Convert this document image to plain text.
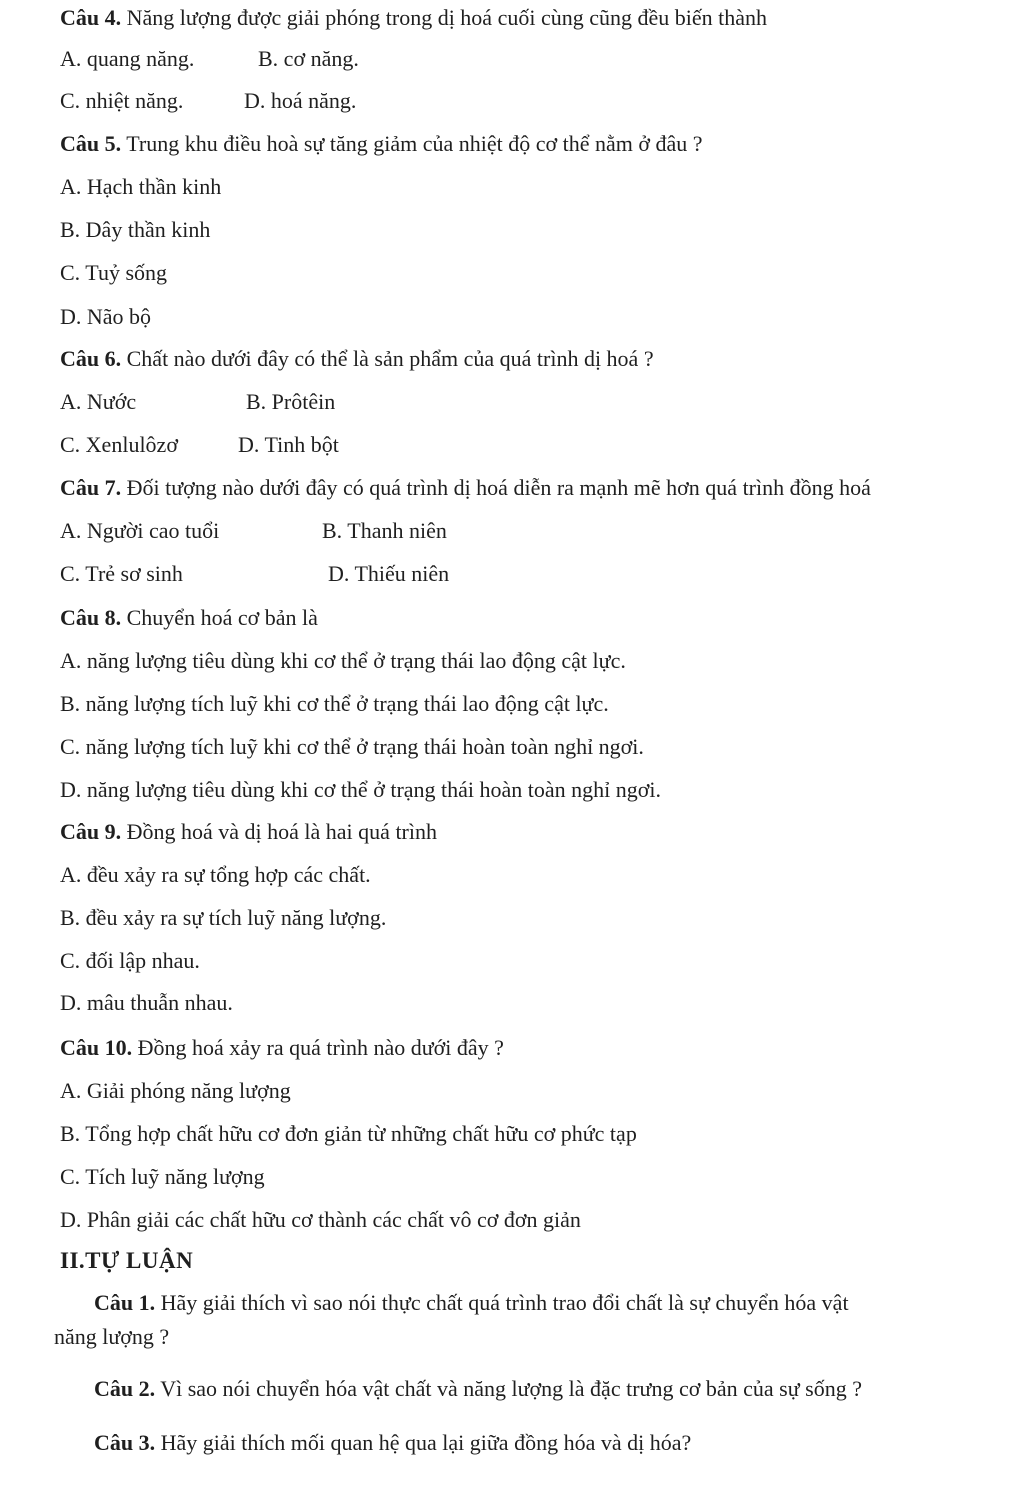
Câu 4. Năng lượng được giải phóng trong dị hoá cuối cùng cũng đều biến thành
A. quang năng.	B. cơ năng.
C. nhiệt năng.	D. hoá năng.
Câu 5. Trung khu điều hoà sự tăng giảm của nhiệt độ cơ thể nằm ở đâu ?
A. Hạch thần kinh
B. Dây thần kinh
C. Tuỷ sống
D. Não bộ
Câu 6. Chất nào dưới đây có thể là sản phẩm của quá trình dị hoá ?
A. Nước	B. Prôtêin
C. Xenlulôzơ	D. Tinh bột
Câu 7. Đối tượng nào dưới đây có quá trình dị hoá diễn ra mạnh mẽ hơn quá trình đồng hoá
A. Người cao tuổi	B. Thanh niên
C. Trẻ sơ sinh	D. Thiếu niên
Câu 8. Chuyển hoá cơ bản là
A. năng lượng tiêu dùng khi cơ thể ở trạng thái lao động cật lực.
B. năng lượng tích luỹ khi cơ thể ở trạng thái lao động cật lực.
C. năng lượng tích luỹ khi cơ thể ở trạng thái hoàn toàn nghỉ ngơi.
D. năng lượng tiêu dùng khi cơ thể ở trạng thái hoàn toàn nghỉ ngơi.
Câu 9. Đồng hoá và dị hoá là hai quá trình
A. đều xảy ra sự tổng hợp các chất.
B. đều xảy ra sự tích luỹ năng lượng.
C. đối lập nhau.
D. mâu thuẫn nhau.
Câu 10. Đồng hoá xảy ra quá trình nào dưới đây ?
A. Giải phóng năng lượng
B. Tổng hợp chất hữu cơ đơn giản từ những chất hữu cơ phức tạp
C. Tích luỹ năng lượng
D. Phân giải các chất hữu cơ thành các chất vô cơ đơn giản
II.TỰ LUẬN
Câu 1. Hãy giải thích vì sao nói thực chất quá trình trao đổi chất là sự chuyển hóa vật
năng lượng ?
Câu 2. Vì sao nói chuyển hóa vật chất và năng lượng là đặc trưng cơ bản của sự sống ?
Câu 3. Hãy giải thích mối quan hệ qua lại giữa đồng hóa và dị hóa?
